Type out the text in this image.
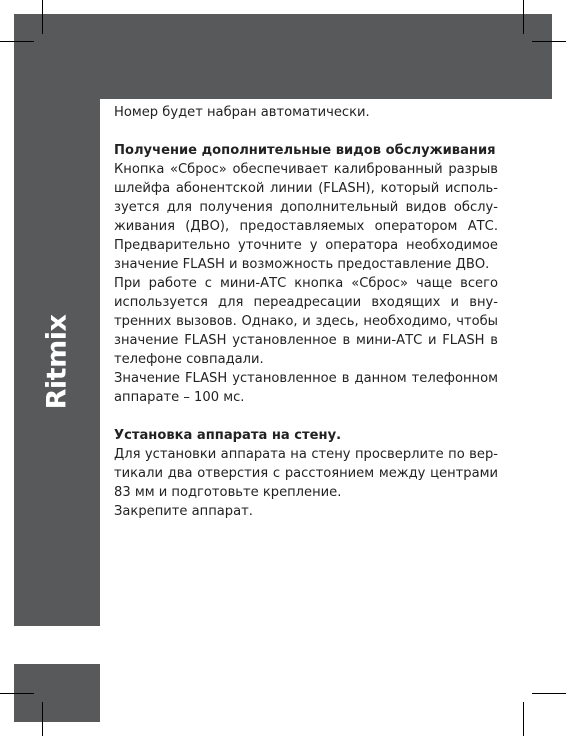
Ritmix

Номер будет набран автоматически.

Получение дополнительные видов обслуживания

Кнопка «Сброс» обеспечивает калиброванный разрыв шлейфа абонентской линии (FLASH), который исполь-зуется для получения дополнительный видов обслу-живания (ДВО), предоставляемых оператором АТС. Предварительно уточните у оператора необходимое значение FLASH и возможность предоставление ДВО.

При работе с мини-АТС кнопка «Сброс» чаще всего используется для переадресации входящих и вну-тренних вызовов. Однако, и здесь, необходимо, чтобы значение FLASH установленное в мини-АТС и FLASH в телефоне совпадали.

Значение FLASH установленное в данном телефонном аппарате – 100 мс.

Установка аппарата на стену.

Для установки аппарата на стену просверлите по вер-тикали два отверстия с расстоянием между центрами 83 мм и подготовьте крепление.

Закрепите аппарат.
